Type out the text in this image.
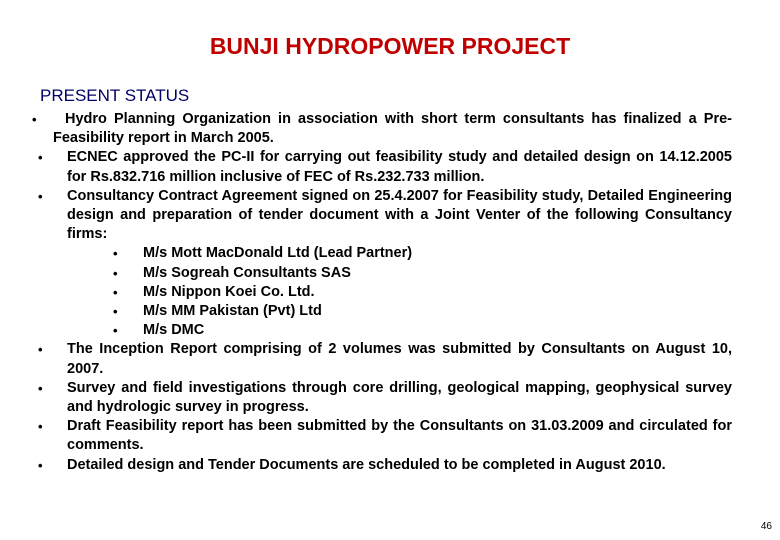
BUNJI HYDROPOWER PROJECT
PRESENT STATUS
•	Hydro Planning Organization in association with short term consultants has finalized a Pre-Feasibility report in March 2005.
• ECNEC approved the PC-II for carrying out feasibility study and detailed design on 14.12.2005 for Rs.832.716 million inclusive of FEC of Rs.232.733 million.
• Consultancy Contract Agreement signed on 25.4.2007 for Feasibility study, Detailed Engineering design and preparation of tender document with a Joint Venter of the following Consultancy firms:
• M/s Mott MacDonald Ltd (Lead Partner)
• M/s Sogreah Consultants SAS
• M/s Nippon Koei Co. Ltd.
• M/s MM Pakistan (Pvt) Ltd
• M/s DMC
• The Inception Report comprising of 2 volumes was submitted by Consultants on August 10, 2007.
• Survey and field investigations through core drilling, geological mapping, geophysical survey and hydrologic survey in progress.
• Draft Feasibility report has been submitted by the Consultants on 31.03.2009 and circulated for comments.
• Detailed design and Tender Documents are scheduled to be completed in August 2010.
46
